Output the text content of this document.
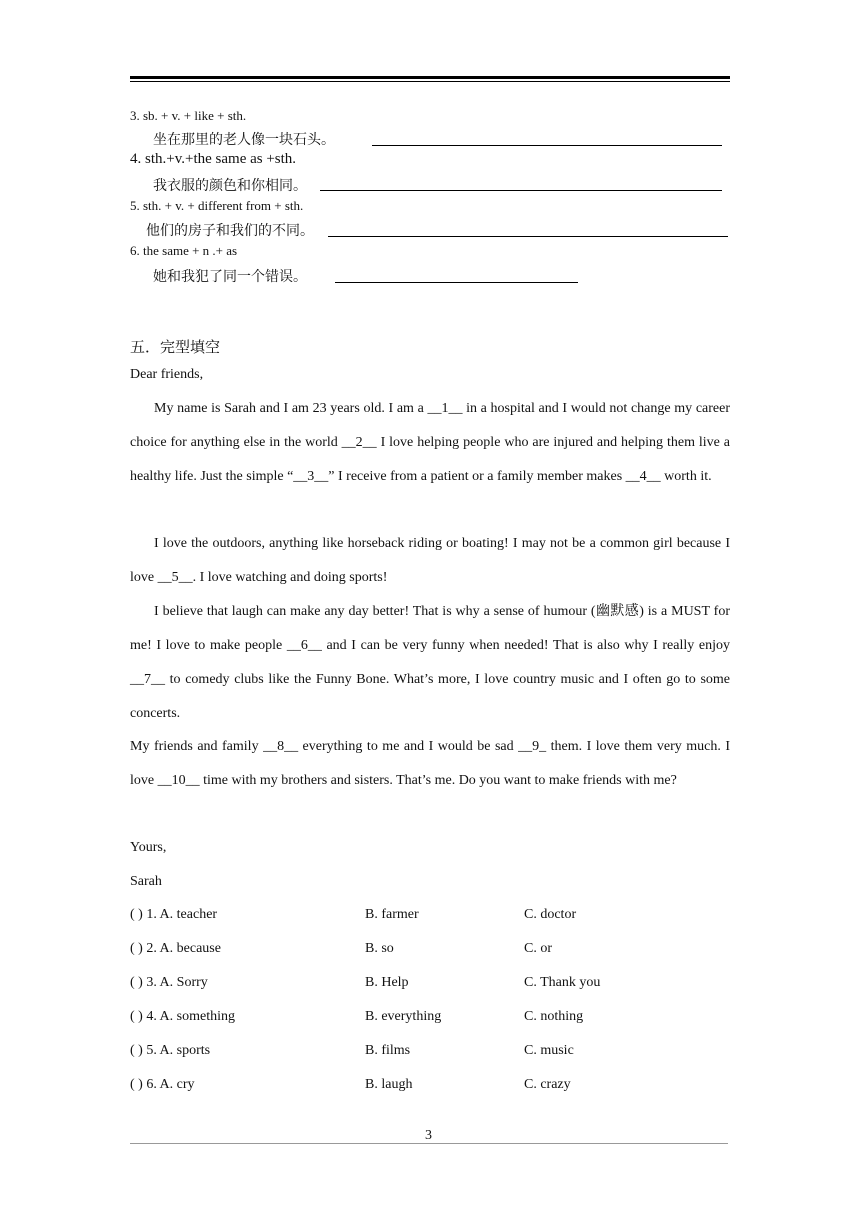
3. sb. + v. + like + sth.
坐在那里的老人像一块石头。
4. sth.+v.+the same as +sth.
我衣服的颜色和你相同。
5. sth. + v. + different from + sth.
他们的房子和我们的不同。
6. the same + n .+ as
她和我犯了同一个错误。
五．完型填空
Dear friends,
My name is Sarah and I am 23 years old. I am a __1__ in a hospital and I would not change my career choice for anything else in the world __2__ I love helping people who are injured and helping them live a healthy life. Just the simple “__3__” I receive from a patient or a family member makes __4__ worth it.
I love the outdoors, anything like horseback riding or boating! I may not be a common girl because I love __5__. I love watching and doing sports!
I believe that laugh can make any day better! That is why a sense of humour (幽默感) is a MUST for me! I love to make people __6__ and I can be very funny when needed! That is also why I really enjoy __7__ to comedy clubs like the Funny Bone. What’s more, I love country music and I often go to some concerts.
My friends and family __8__ everything to me and I would be sad __9_ them. I love them very much. I love __10__ time with my brothers and sisters. That’s me. Do you want to make friends with me?
Yours,
Sarah
( ) 1. A. teacher	B. farmer	C. doctor
( ) 2. A. because	B. so	C. or
( ) 3. A. Sorry	B. Help	C. Thank you
( ) 4. A. something	B. everything	C. nothing
( ) 5. A. sports	B. films	C. music
( ) 6. A. cry	B. laugh	C. crazy
3
